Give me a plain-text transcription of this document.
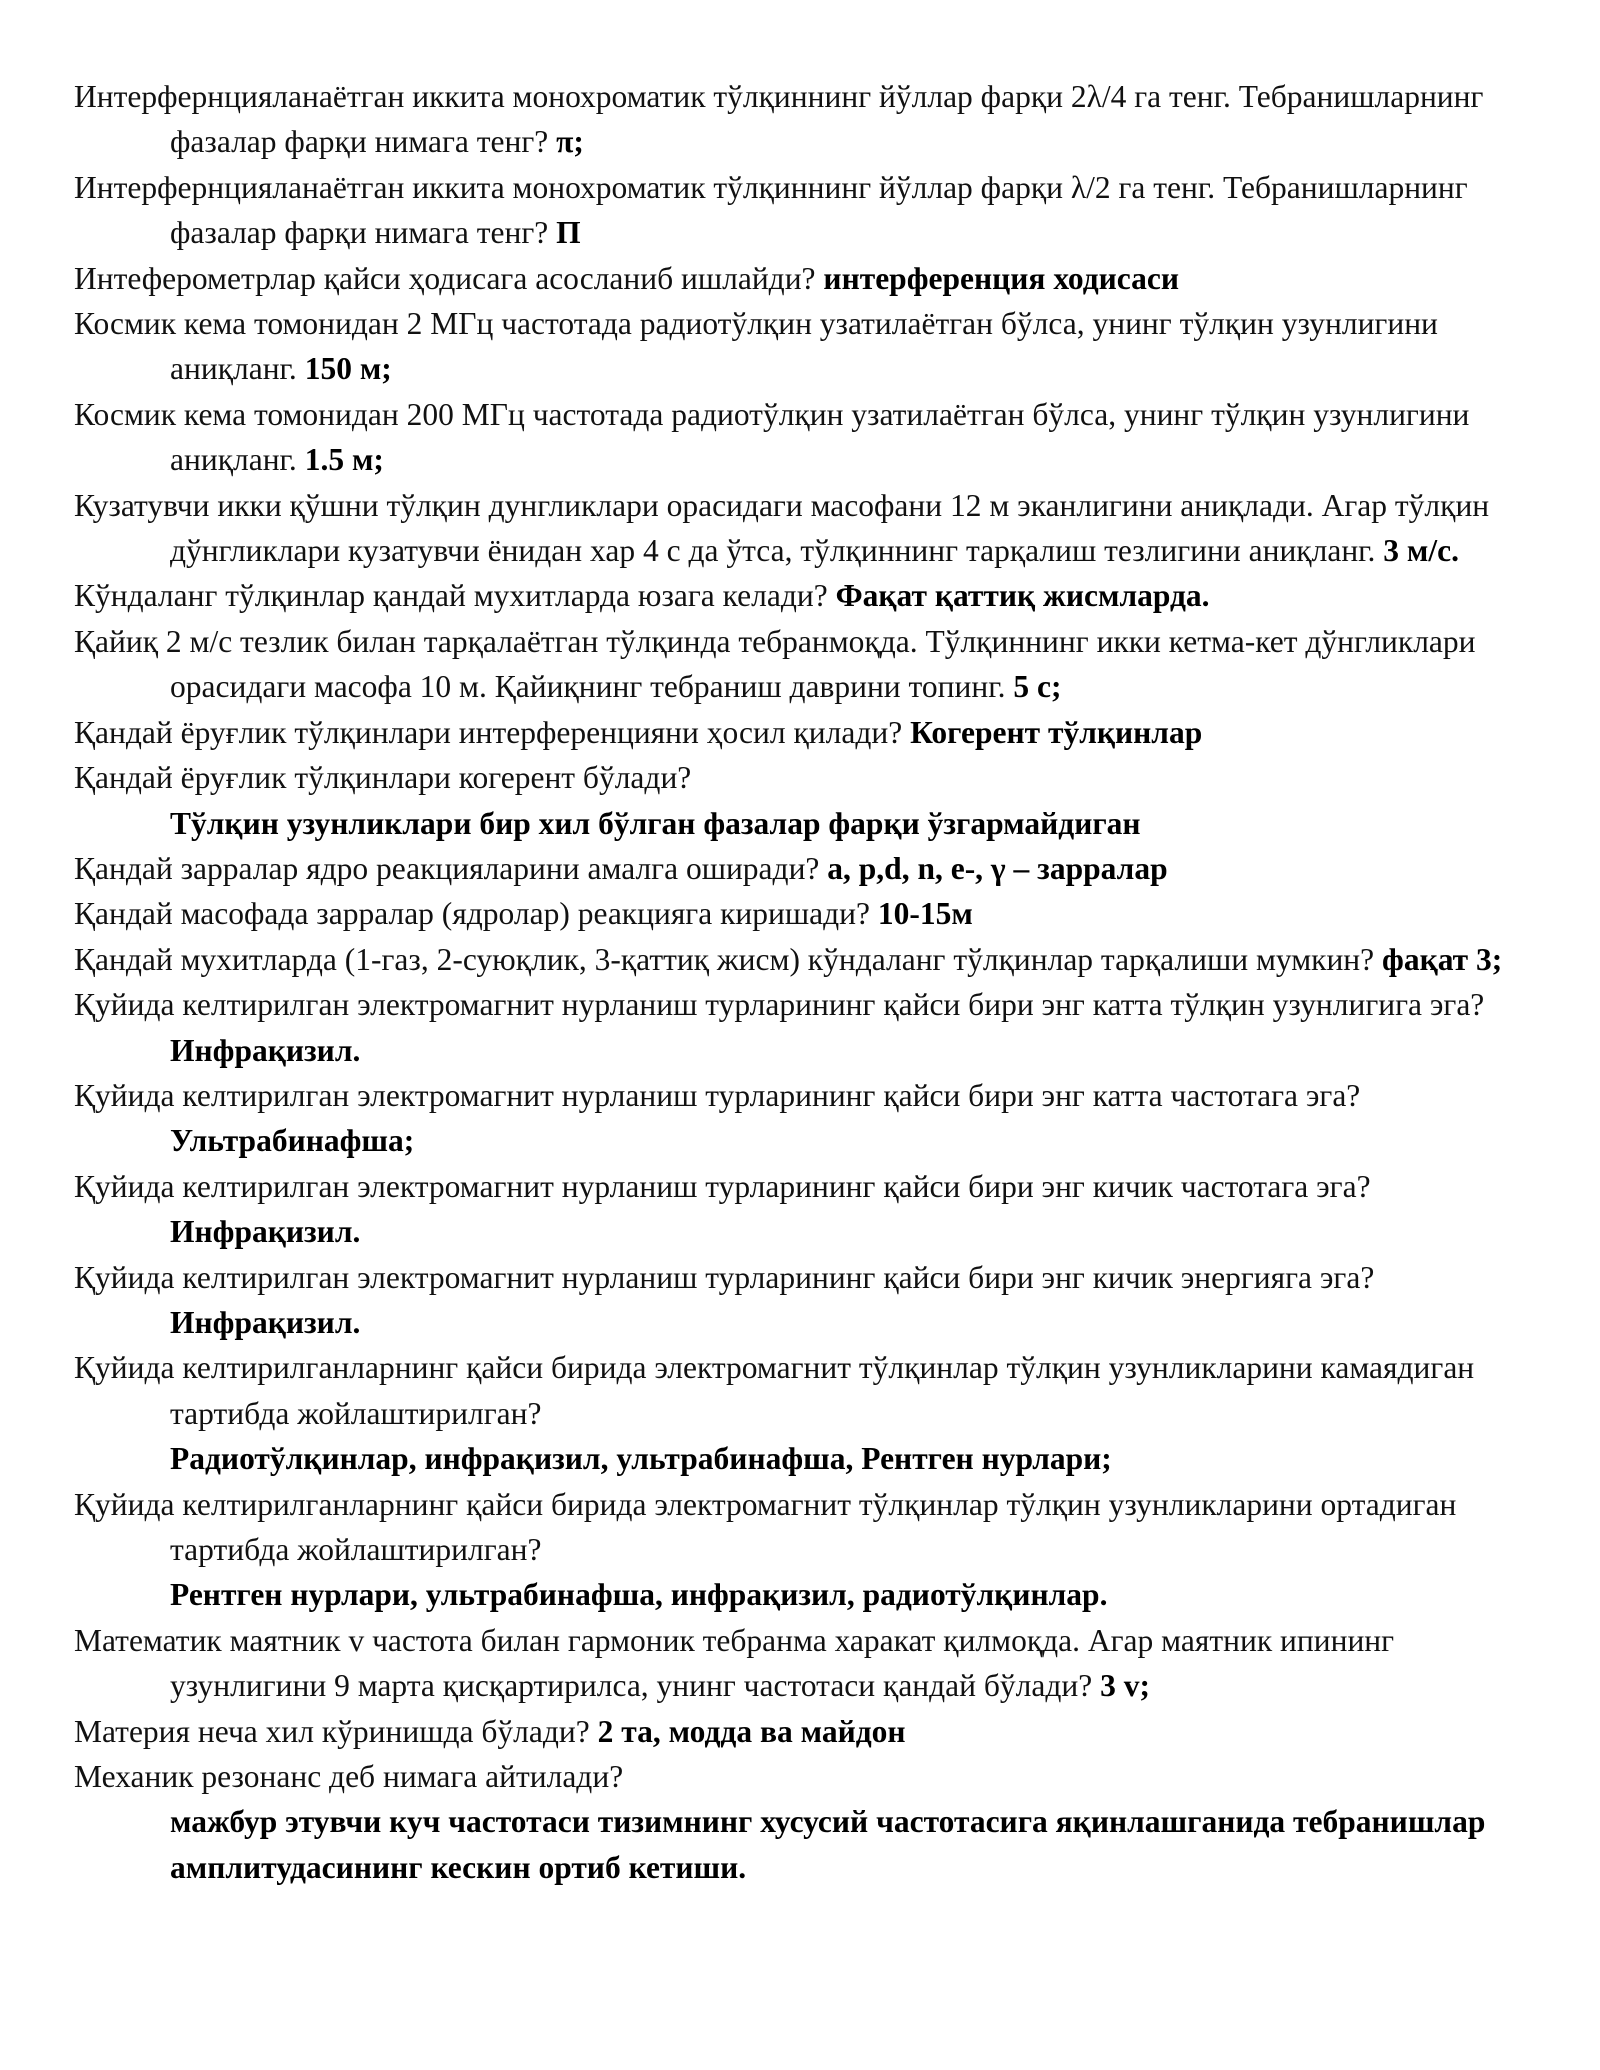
Интерфернцияланаётган иккита монохроматик тўлқиннинг йўллар фарқи 2λ/4 га тенг. Тебранишларнинг фазалар фарқи нимага тенг? π;

Интерфернцияланаётган иккита монохроматик тўлқиннинг йўллар фарқи λ/2 га тенг. Тебранишларнинг фазалар фарқи нимага тенг? П

Интеферометрлар қайси ҳодисага асосланиб ишлайди? интерференция ходисаси

Космик кема томонидан 2 МГц частотада радиотўлқин узатилаётган бўлса, унинг тўлқин узунлигини аниқланг. 150 м;

Космик кема томонидан 200 МГц частотада радиотўлқин узатилаётган бўлса, унинг тўлқин узунлигини аниқланг. 1.5 м;

Кузатувчи икки қўшни тўлқин дунгликлари орасидаги масофани 12 м эканлигини аниқлади. Агар тўлқин дўнгликлари кузатувчи ёнидан хар 4 с да ўтса, тўлқиннинг тарқалиш тезлигини аниқланг. 3 м/с.

Кўндаланг тўлқинлар қандай мухитларда юзага келади? Фақат қаттиқ жисмларда.

Қайиқ 2 м/с тезлик билан тарқалаётган тўлқинда тебранмоқда. Тўлқиннинг икки кетма-кет дўнгликлари орасидаги масофа 10 м. Қайиқнинг тебраниш даврини топинг. 5 с;

Қандай ёруғлик тўлқинлари интерференцияни ҳосил қилади? Когерент тўлқинлар

Қандай ёруғлик тўлқинлари когерент бўлади?

Тўлқин узунликлари бир хил бўлган фазалар фарқи ўзгармайдиган

Қандай зарралар ядро реакцияларини амалга оширади? a, p,d, n, e-, γ – зарралар

Қандай масофада зарралар (ядролар) реакцияга киришади? 10-15м

Қандай мухитларда (1-газ, 2-суюқлик, 3-қаттиқ жисм) кўндаланг тўлқинлар тарқалиши мумкин? фақат 3;

Қуйида келтирилган электромагнит нурланиш турларининг қайси бири энг катта тўлқин узунлигига эга? Инфрақизил.

Қуйида келтирилган электромагнит нурланиш турларининг қайси бири энг катта частотага эга? Ультрабинафша;

Қуйида келтирилган электромагнит нурланиш турларининг қайси бири энг кичик частотага эга? Инфрақизил.

Қуйида келтирилган электромагнит нурланиш турларининг қайси бири энг кичик энергияга эга? Инфрақизил.

Қуйида келтирилганларнинг қайси бирида электромагнит тўлқинлар тўлқин узунликларини камаядиган тартибда жойлаштирилган?

Радиотўлқинлар, инфрақизил, ультрабинафша, Рентген нурлари;

Қуйида келтирилганларнинг қайси бирида электромагнит тўлқинлар тўлқин узунликларини ортадиган тартибда жойлаштирилган?

Рентген нурлари, ультрабинафша, инфрақизил, радиотўлқинлар.

Математик маятник v частота билан гармоник тебранма харакат қилмоқда. Агар маятник ипининг узунлигини 9 марта қисқартирилса, унинг частотаси қандай бўлади? 3 v;

Материя неча хил кўринишда бўлади? 2 та, модда ва майдон

Механик резонанс деб нимага айтилади?

мажбур этувчи куч частотаси тизимнинг хусусий частотасига яқинлашганида тебранишлар амплитудасининг кескин ортиб кетиши.
